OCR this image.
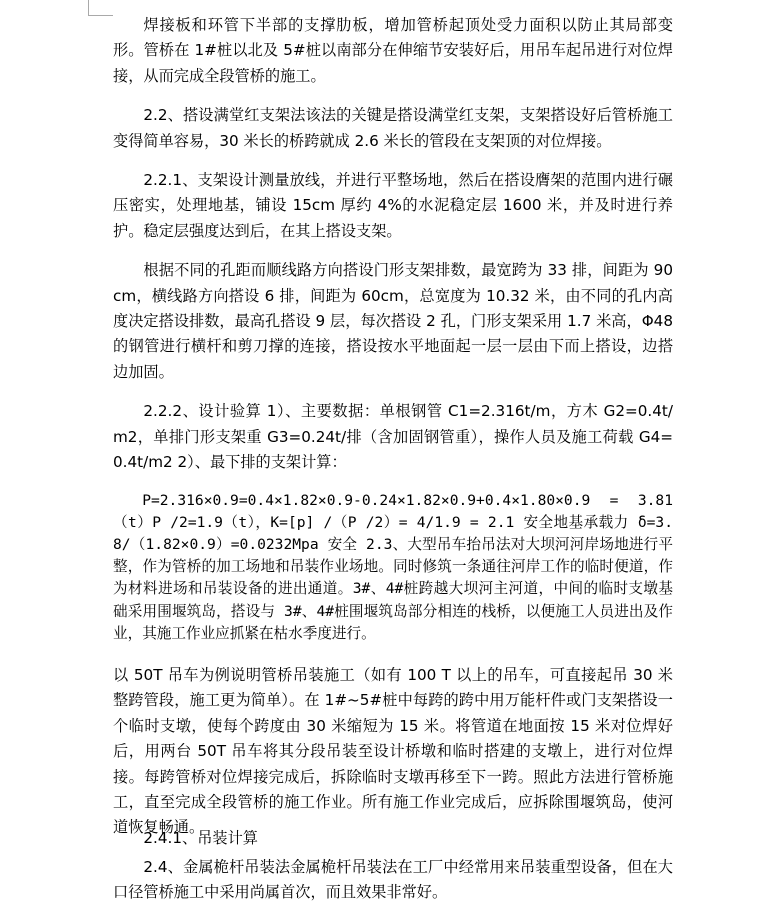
焊接板和环管下半部的支撑肋板，增加管桥起顶处受力面积以防止其局部变形。管桥在 1#桩以北及 5#桩以南部分在伸缩节安装好后，用吊车起吊进行对位焊接，从而完成全段管桥的施工。

2.2、搭设满堂红支架法该法的关键是搭设满堂红支架，支架搭设好后管桥施工变得简单容易，30 米长的桥跨就成 2.6 米长的管段在支架顶的对位焊接。

2.2.1、支架设计测量放线，并进行平整场地，然后在搭设膺架的范围内进行碾压密实，处理地基，铺设 15cm 厚约 4%的水泥稳定层 1600 米，并及时进行养护。稳定层强度达到后，在其上搭设支架。

根据不同的孔距而顺线路方向搭设门形支架排数，最宽跨为 33 排，间距为 90cm，横线路方向搭设 6 排，间距为 60cm，总宽度为 10.32 米，由不同的孔内高度决定搭设排数，最高孔搭设 9 层，每次搭设 2 孔，门形支架采用 1.7 米高，Φ48 的钢管进行横杆和剪刀撑的连接，搭设按水平地面起一层一层由下而上搭设，边搭边加固。

2.2.2、设计验算 1）、主要数据：单根钢管 C1=2.316t/m，方木 G2=0.4t/m2，单排门形支架重 G3=0.24t/排（含加固钢管重），操作人员及施工荷载 G4=0.4t/m2 2）、最下排的支架计算：

P=2.316×0.9=0.4×1.82×0.9-0.24×1.82×0.9+0.4×1.80×0.9 = 3.81（t）P /2=1.9（t），K=[p] /（P /2）= 4/1.9 = 2.1 安全地基承载力 δ=3.8/（1.82×0.9）=0.0232Mpa 安全 2.3、大型吊车抬吊法对大坝河河岸场地进行平整，作为管桥的加工场地和吊装作业场地。同时修筑一条通往河岸工作的临时便道，作为材料进场和吊装设备的进出通道。3#、4#桩跨越大坝河主河道，中间的临时支墩基础采用围堰筑岛，搭设与 3#、4#桩围堰筑岛部分相连的栈桥，以便施工人员进出及作业，其施工作业应抓紧在枯水季度进行。

以 50T 吊车为例说明管桥吊装施工（如有 100 T 以上的吊车，可直接起吊 30 米整跨管段，施工更为简单）。在 1#~5#桩中每跨的跨中用万能杆件或门支架搭设一个临时支墩，使每个跨度由 30 米缩短为 15 米。将管道在地面按 15 米对位焊好后，用两台 50T 吊车将其分段吊装至设计桥墩和临时搭建的支墩上，进行对位焊接。每跨管桥对位焊接完成后，拆除临时支墩再移至下一跨。照此方法进行管桥施工，直至完成全段管桥的施工作业。所有施工作业完成后，应拆除围堰筑岛，使河道恢复畅通。

2.4、金属桅杆吊装法金属桅杆吊装法在工厂中经常用来吊装重型设备，但在大口径管桥施工中采用尚属首次，而且效果非常好。

2.4.1、吊装计算
